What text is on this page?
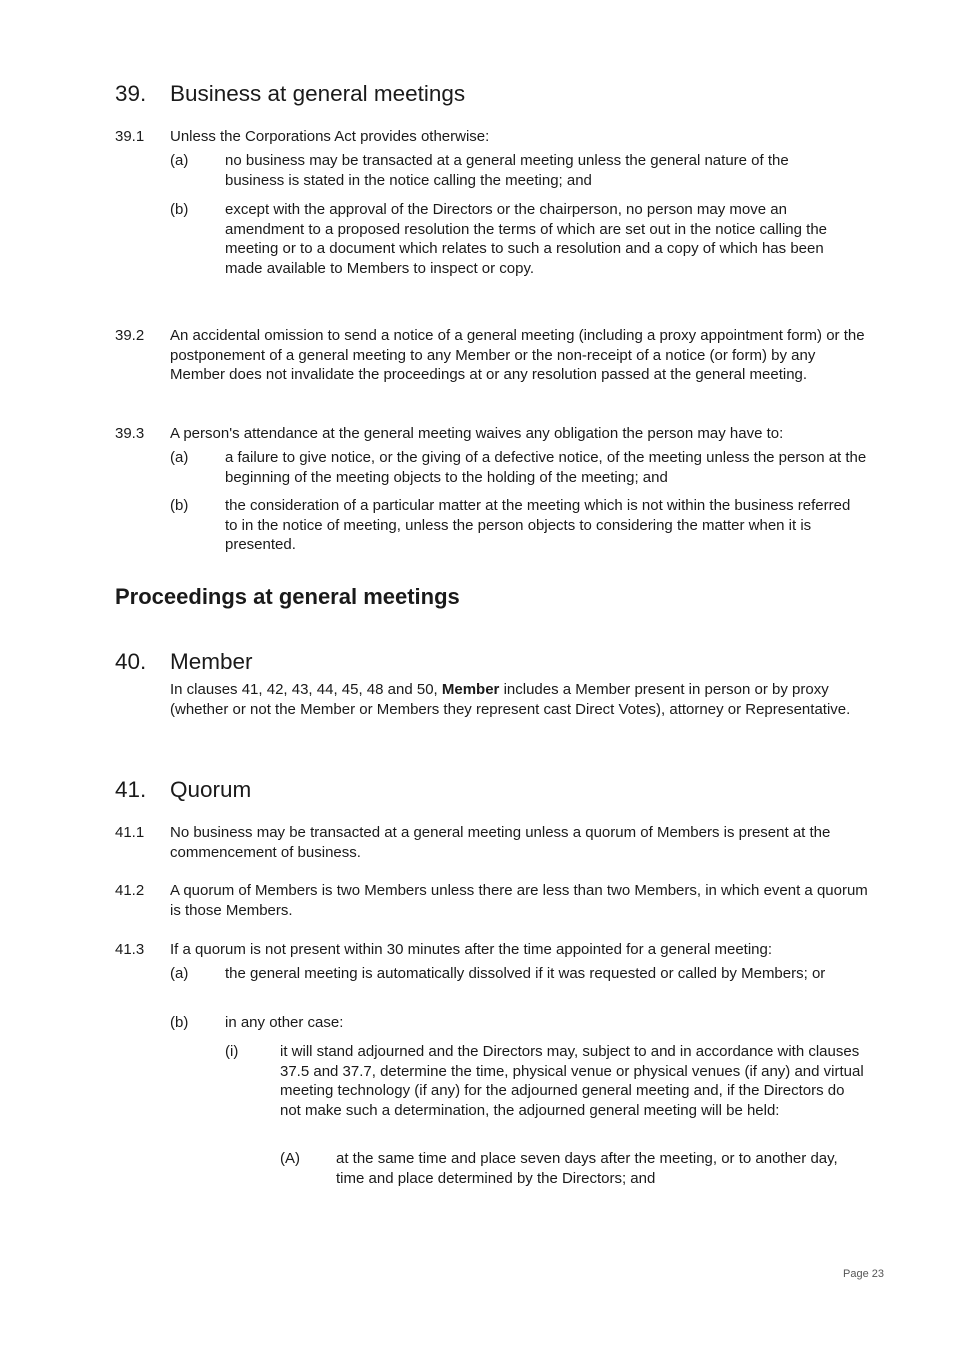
39. Business at general meetings
39.1 Unless the Corporations Act provides otherwise:
(a) no business may be transacted at a general meeting unless the general nature of the business is stated in the notice calling the meeting; and
(b) except with the approval of the Directors or the chairperson, no person may move an amendment to a proposed resolution the terms of which are set out in the notice calling the meeting or to a document which relates to such a resolution and a copy of which has been made available to Members to inspect or copy.
39.2 An accidental omission to send a notice of a general meeting (including a proxy appointment form) or the postponement of a general meeting to any Member or the non-receipt of a notice (or form) by any Member does not invalidate the proceedings at or any resolution passed at the general meeting.
39.3 A person's attendance at the general meeting waives any obligation the person may have to:
(a) a failure to give notice, or the giving of a defective notice, of the meeting unless the person at the beginning of the meeting objects to the holding of the meeting; and
(b) the consideration of a particular matter at the meeting which is not within the business referred to in the notice of meeting, unless the person objects to considering the matter when it is presented.
Proceedings at general meetings
40. Member
In clauses 41, 42, 43, 44, 45, 48 and 50, Member includes a Member present in person or by proxy (whether or not the Member or Members they represent cast Direct Votes), attorney or Representative.
41. Quorum
41.1 No business may be transacted at a general meeting unless a quorum of Members is present at the commencement of business.
41.2 A quorum of Members is two Members unless there are less than two Members, in which event a quorum is those Members.
41.3 If a quorum is not present within 30 minutes after the time appointed for a general meeting:
(a) the general meeting is automatically dissolved if it was requested or called by Members; or
(b) in any other case:
(i)	it will stand adjourned and the Directors may, subject to and in accordance with clauses 37.5 and 37.7, determine the time, physical venue or physical venues (if any) and virtual meeting technology (if any) for the adjourned general meeting and, if the Directors do not make such a determination, the adjourned general meeting will be held:
(A) at the same time and place seven days after the meeting, or to another day, time and place determined by the Directors; and
Page 23
